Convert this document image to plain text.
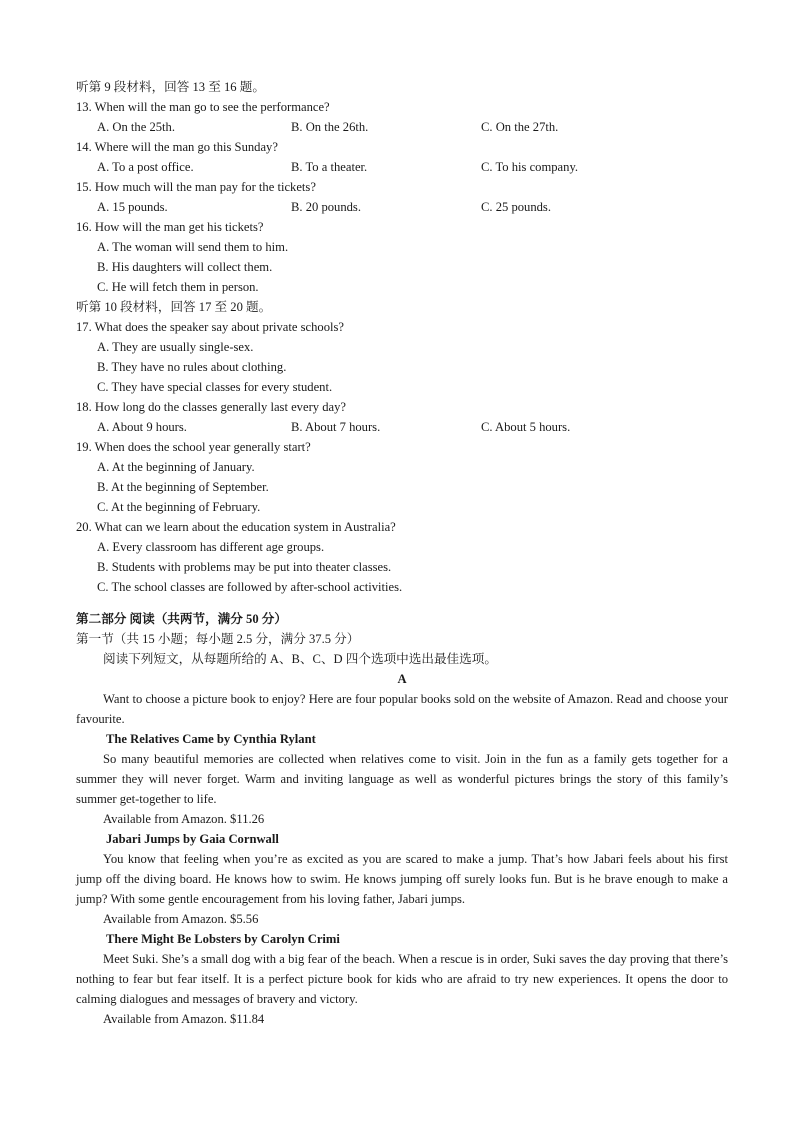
听第 9 段材料，回答 13 至 16 题。
13. When will the man go to see the performance?
A. On the 25th.	B. On the 26th.	C. On the 27th.
14. Where will the man go this Sunday?
A. To a post office.	B. To a theater.	C. To his company.
15. How much will the man pay for the tickets?
A. 15 pounds.	B. 20 pounds.	C. 25 pounds.
16. How will the man get his tickets?
A. The woman will send them to him.
B. His daughters will collect them.
C. He will fetch them in person.
听第 10 段材料，回答 17 至 20 题。
17. What does the speaker say about private schools?
A. They are usually single-sex.
B. They have no rules about clothing.
C. They have special classes for every student.
18. How long do the classes generally last every day?
A. About 9 hours.	B. About 7 hours.	C. About 5 hours.
19. When does the school year generally start?
A. At the beginning of January.
B. At the beginning of September.
C. At the beginning of February.
20. What can we learn about the education system in Australia?
A. Every classroom has different age groups.
B. Students with problems may be put into theater classes.
C. The school classes are followed by after-school activities.
第二部分 阅读（共两节，满分 50 分）
第一节（共 15 小题；每小题 2.5 分，满分 37.5 分）
阅读下列短文，从每题所给的 A、B、C、D 四个选项中选出最佳选项。
A
Want to choose a picture book to enjoy? Here are four popular books sold on the website of Amazon. Read and choose your favourite.
The Relatives Came by Cynthia Rylant
So many beautiful memories are collected when relatives come to visit. Join in the fun as a family gets together for a summer they will never forget. Warm and inviting language as well as wonderful pictures brings the story of this family’s summer get-together to life.
Available from Amazon. $11.26
Jabari Jumps by Gaia Cornwall
You know that feeling when you’re as excited as you are scared to make a jump. That’s how Jabari feels about his first jump off the diving board. He knows how to swim. He knows jumping off surely looks fun. But is he brave enough to make a jump? With some gentle encouragement from his loving father, Jabari jumps.
Available from Amazon. $5.56
There Might Be Lobsters by Carolyn Crimi
Meet Suki. She’s a small dog with a big fear of the beach. When a rescue is in order, Suki saves the day proving that there’s nothing to fear but fear itself. It is a perfect picture book for kids who are afraid to try new experiences. It opens the door to calming dialogues and messages of bravery and victory.
Available from Amazon. $11.84
